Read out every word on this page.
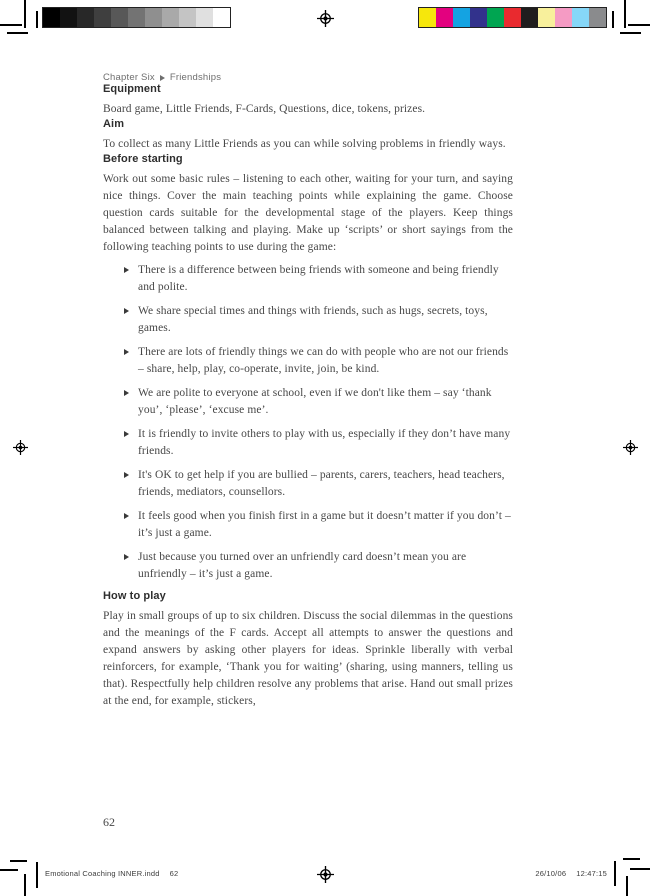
Chapter Six Friendships
Equipment

Board game, Little Friends, F-Cards, Questions, dice, tokens, prizes.

Aim

To collect as many Little Friends as you can while solving problems in friendly ways.

Before starting

Work out some basic rules – listening to each other, waiting for your turn, and saying nice things. Cover the main teaching points while explaining the game. Choose question cards suitable for the developmental stage of the players. Keep things balanced between talking and playing. Make up ‘scripts’ or short sayings from the following teaching points to use during the game:

There is a difference between being friends with someone and being friendly and polite.
We share special times and things with friends, such as hugs, secrets, toys, games.
There are lots of friendly things we can do with people who are not our friends – share, help, play, co-operate, invite, join, be kind.
We are polite to everyone at school, even if we don't like them – say ‘thank you’, ‘please’, ‘excuse me’.
It is friendly to invite others to play with us, especially if they don’t have many friends.
It's OK to get help if you are bullied – parents, carers, teachers, head teachers, friends, mediators, counsellors.
It feels good when you finish first in a game but it doesn’t matter if you don’t – it’s just a game.
Just because you turned over an unfriendly card doesn’t mean you are unfriendly – it’s just a game.
How to play

Play in small groups of up to six children. Discuss the social dilemmas in the questions and the meanings of the F cards. Accept all attempts to answer the questions and expand answers by asking other players for ideas. Sprinkle liberally with verbal reinforcers, for example, ‘Thank you for waiting’ (sharing, using manners, telling us that). Respectfully help children resolve any problems that arise. Hand out small prizes at the end, for example, stickers,

62
Emotional Coaching INNER.indd 62	26/10/06 12:47:15
